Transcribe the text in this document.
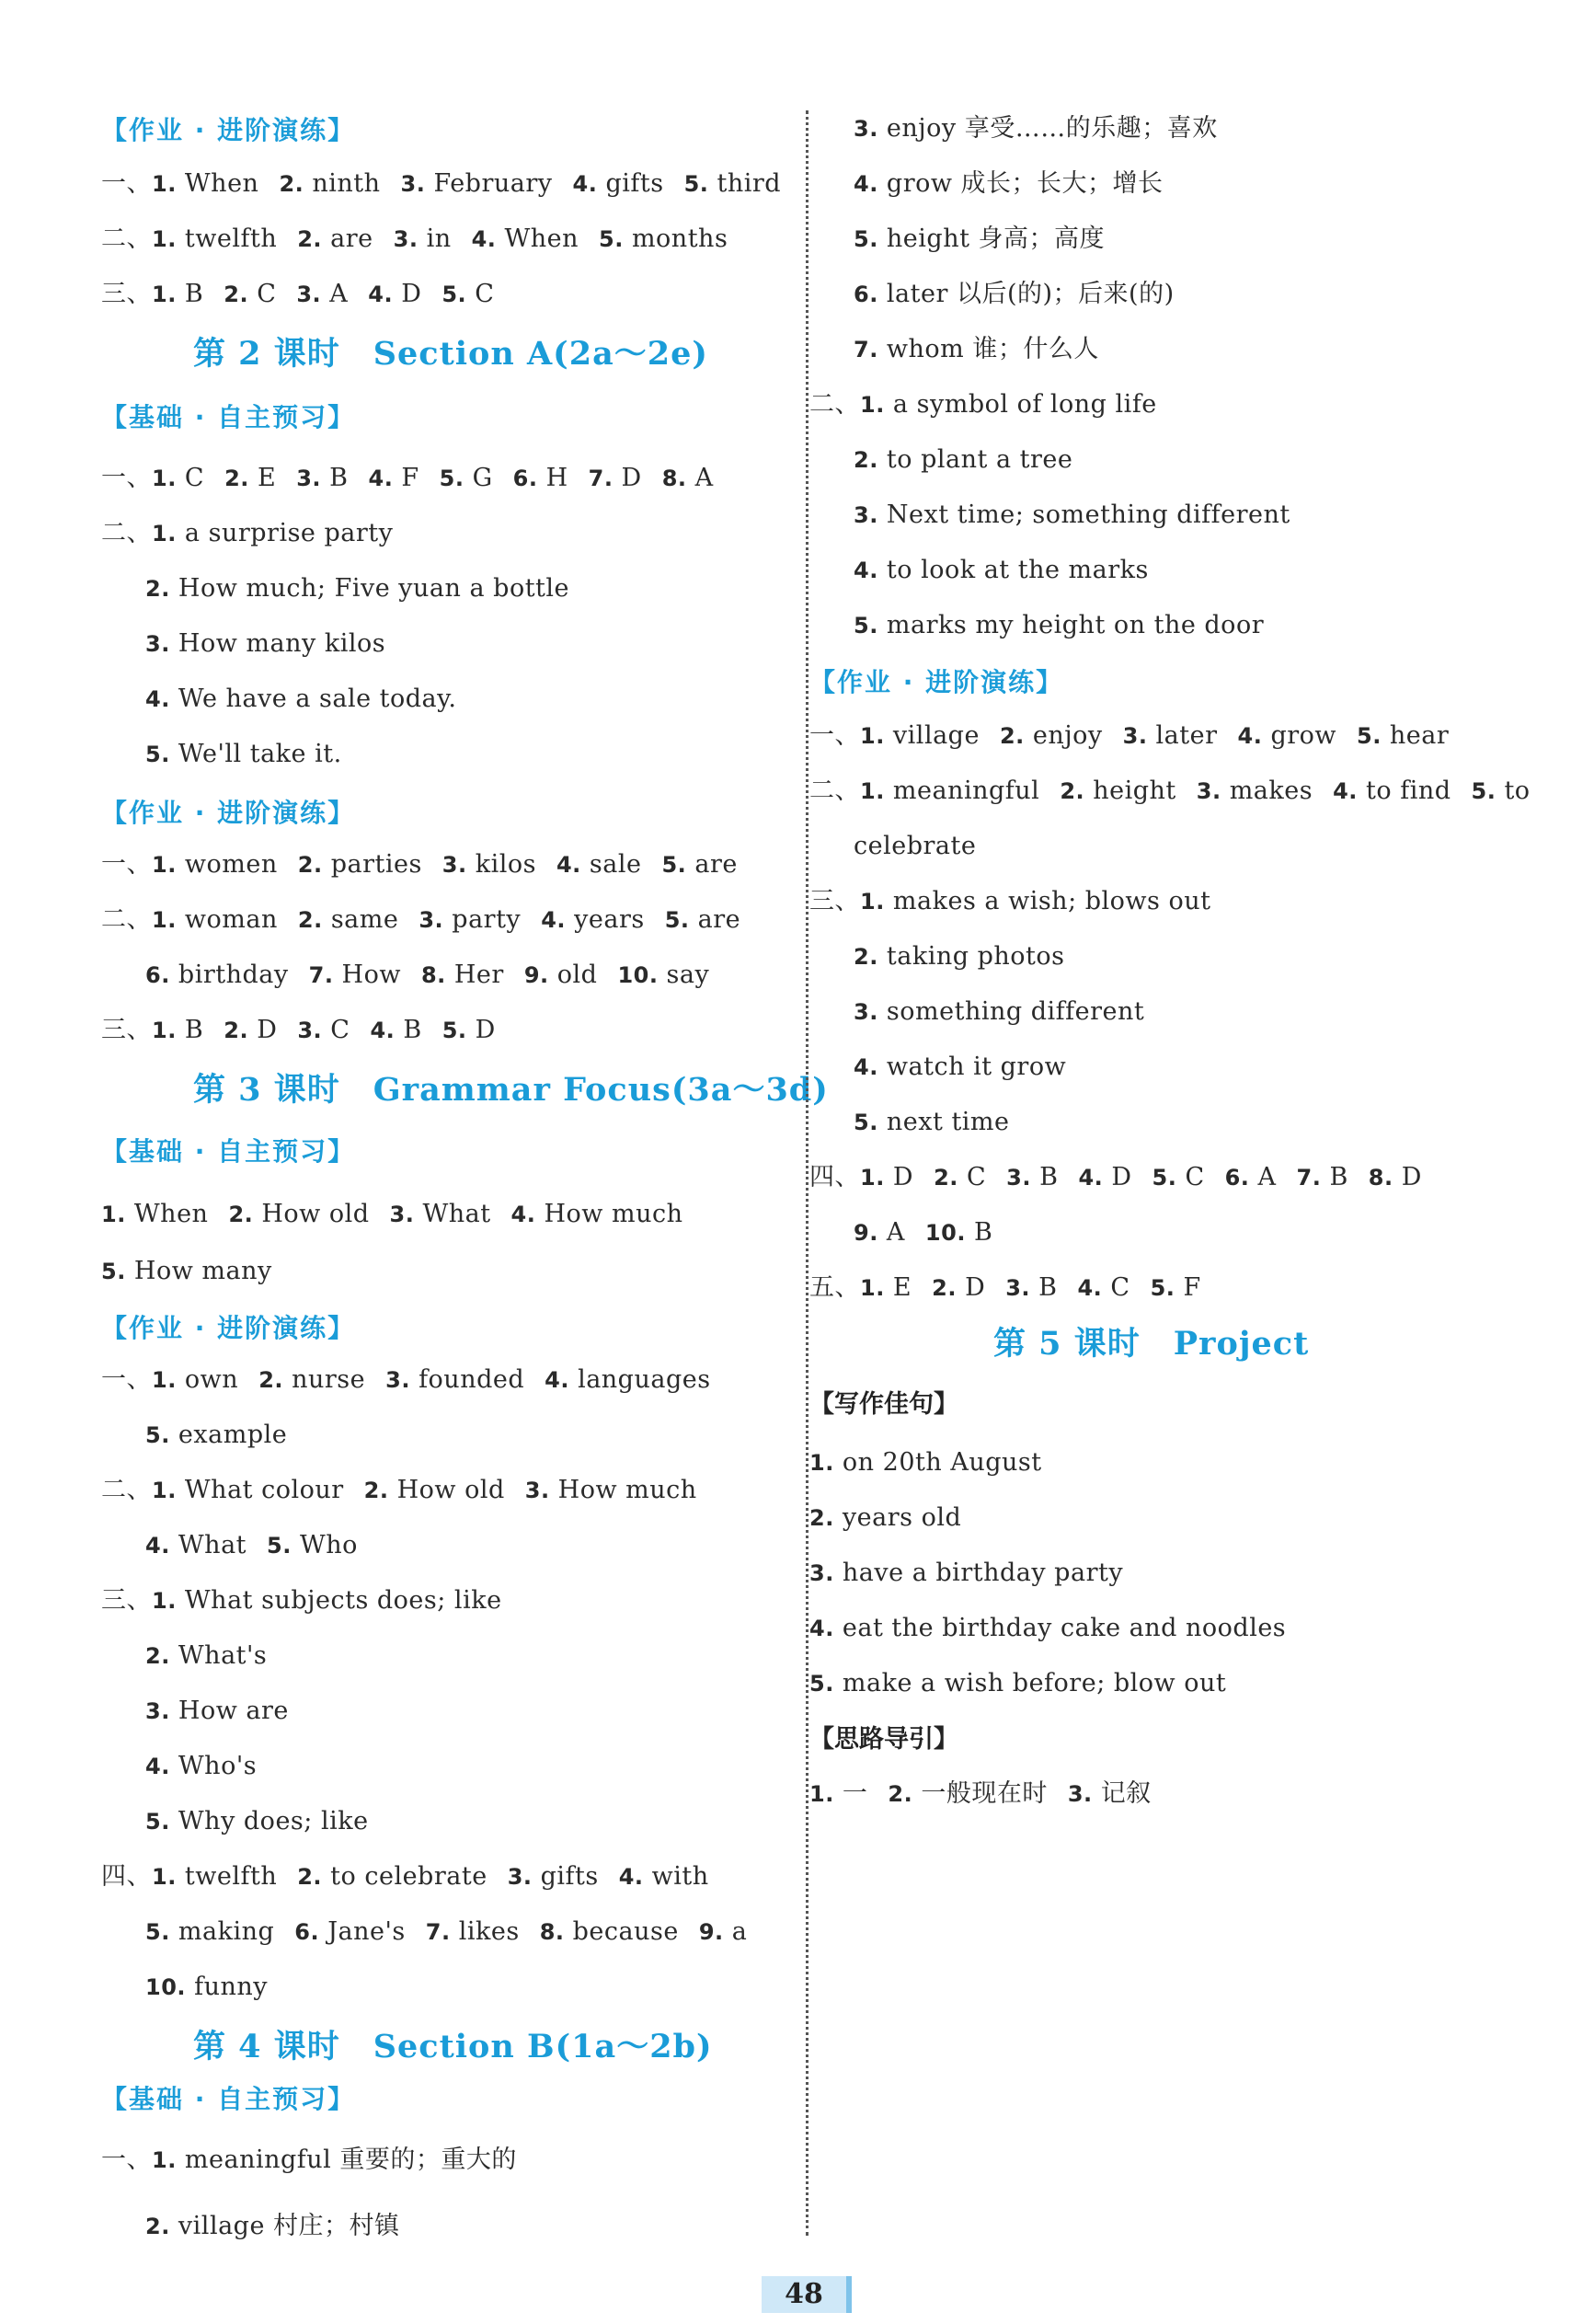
【作业 · 进阶演练】
一、1. When 2. ninth 3. February 4. gifts 5. third
二、1. twelfth 2. are 3. in 4. When 5. months
三、1. B 2. C 3. A 4. D 5. C
第 2 课时 Section A(2a～2e)
【基础 · 自主预习】
一、1. C 2. E 3. B 4. F 5. G 6. H 7. D 8. A
二、1. a surprise party
2. How much; Five yuan a bottle
3. How many kilos
4. We have a sale today.
5. We'll take it.
【作业 · 进阶演练】
一、1. women 2. parties 3. kilos 4. sale 5. are
二、1. woman 2. same 3. party 4. years 5. are
6. birthday 7. How 8. Her 9. old 10. say
三、1. B 2. D 3. C 4. B 5. D
第 3 课时 Grammar Focus(3a～3d)
【基础 · 自主预习】
1. When 2. How old 3. What 4. How much
5. How many
【作业 · 进阶演练】
一、1. own 2. nurse 3. founded 4. languages
5. example
二、1. What colour 2. How old 3. How much
4. What 5. Who
三、1. What subjects does; like
2. What's
3. How are
4. Who's
5. Why does; like
四、1. twelfth 2. to celebrate 3. gifts 4. with
5. making 6. Jane's 7. likes 8. because 9. a
10. funny
第 4 课时 Section B(1a～2b)
【基础 · 自主预习】
一、1. meaningful 重要的；重大的
2. village 村庄；村镇
3. enjoy 享受……的乐趣；喜欢
4. grow 成长；长大；增长
5. height 身高；高度
6. later 以后(的)；后来(的)
7. whom 谁；什么人
二、1. a symbol of long life
2. to plant a tree
3. Next time; something different
4. to look at the marks
5. marks my height on the door
【作业 · 进阶演练】
一、1. village 2. enjoy 3. later 4. grow 5. hear
二、1. meaningful 2. height 3. makes 4. to find 5. to
celebrate
三、1. makes a wish; blows out
2. taking photos
3. something different
4. watch it grow
5. next time
四、1. D 2. C 3. B 4. D 5. C 6. A 7. B 8. D
9. A 10. B
五、1. E 2. D 3. B 4. C 5. F
第 5 课时 Project
【写作佳句】
1. on 20th August
2. years old
3. have a birthday party
4. eat the birthday cake and noodles
5. make a wish before; blow out
【思路导引】
1. 一 2. 一般现在时 3. 记叙
48
